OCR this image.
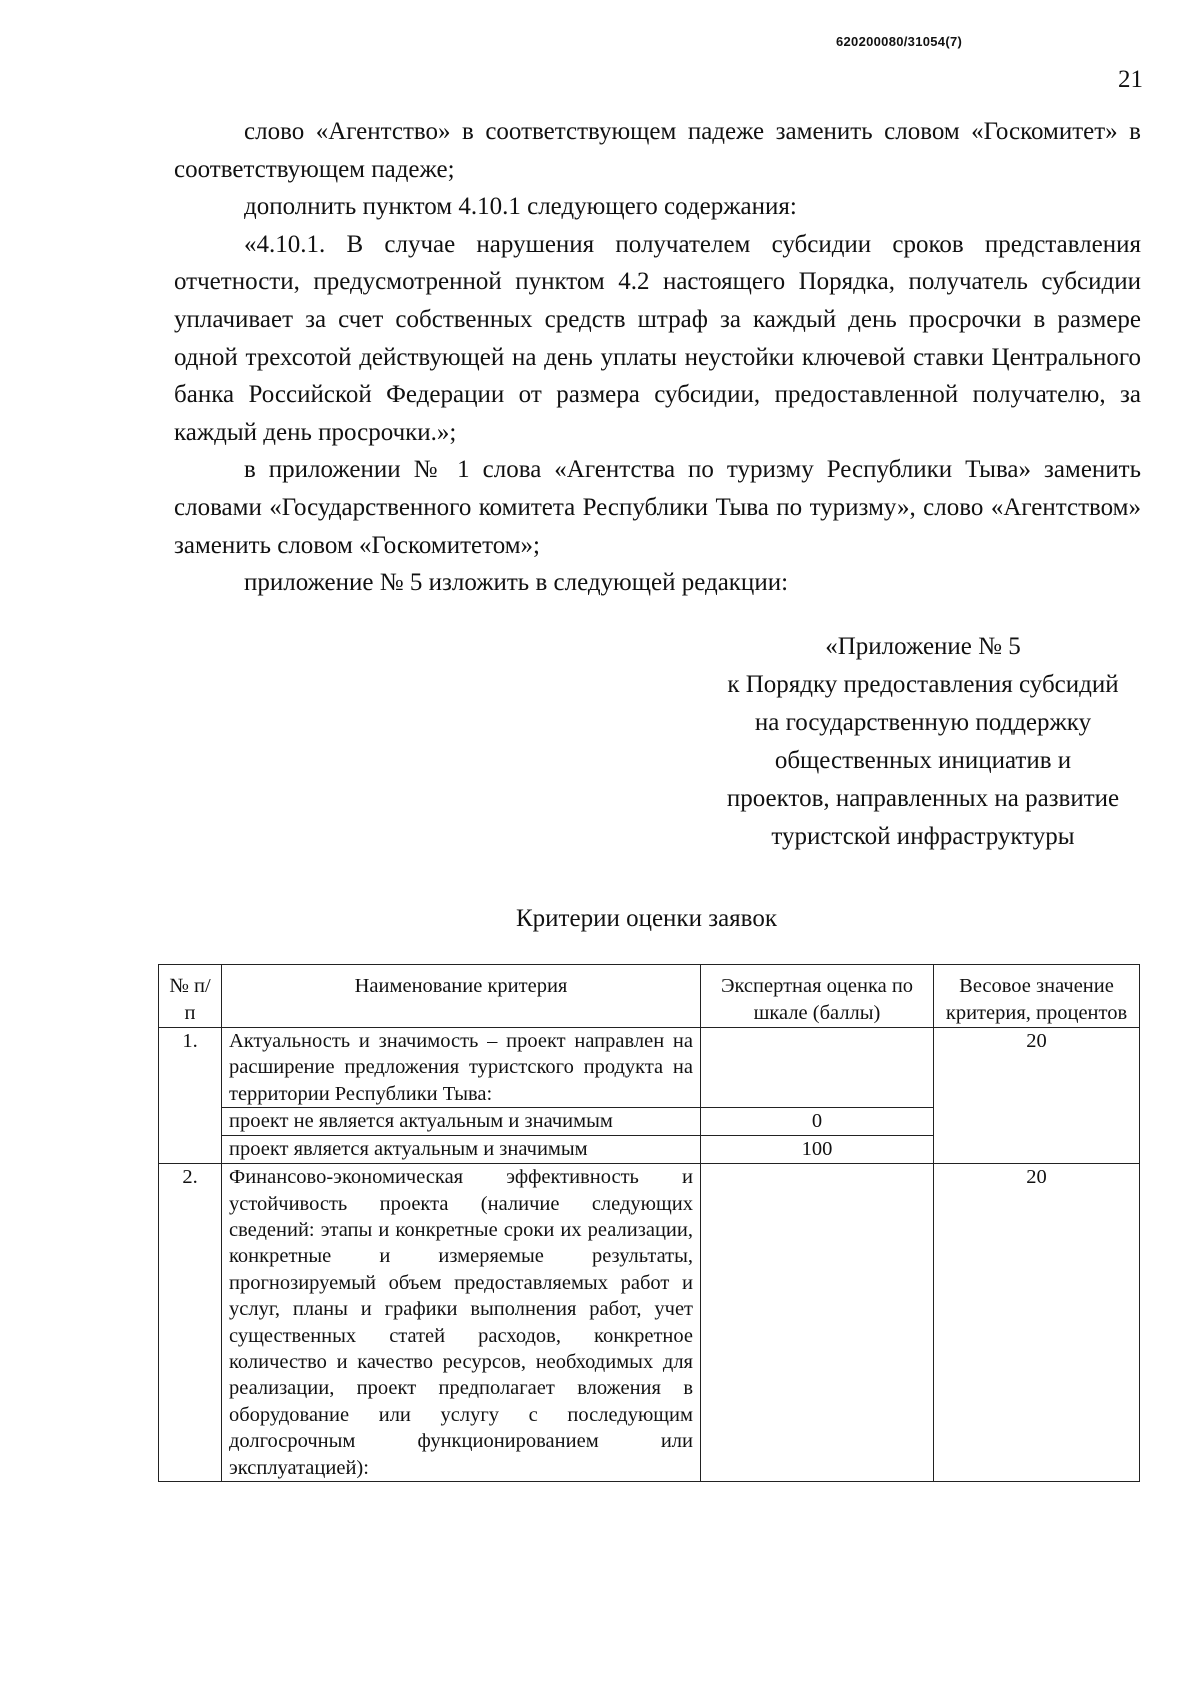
620200080/31054(7)
21

слово «Агентство» в соответствующем падеже заменить словом «Госкомитет» в соответствующем падеже;

дополнить пунктом 4.10.1 следующего содержания:

«4.10.1. В случае нарушения получателем субсидии сроков представления отчетности, предусмотренной пунктом 4.2 настоящего Порядка, получатель субсидии уплачивает за счет собственных средств штраф за каждый день просрочки в размере одной трехсотой действующей на день уплаты неустойки ключевой ставки Центрального банка Российской Федерации от размера субсидии, предоставленной получателю, за каждый день просрочки.»;

в приложении № 1 слова «Агентства по туризму Республики Тыва» заменить словами «Государственного комитета Республики Тыва по туризму», слово «Агентством» заменить словом «Госкомитетом»;

приложение № 5 изложить в следующей редакции:

«Приложение № 5
к Порядку предоставления субсидий
на государственную поддержку
общественных инициатив и
проектов, направленных на развитие
туристской инфраструктуры
Критерии оценки заявок
№ п/п	Наименование критерия	Экспертная оценка по шкале (баллы)	Весовое значение критерия, процентов
1.	Актуальность и значимость – проект направлен на расширение предложения туристского продукта на территории Республики Тыва:		20
	проект не является актуальным и значимым	0	
	проект является актуальным и значимым	100	
2.	Финансово-экономическая эффективность и устойчивость проекта (наличие следующих сведений: этапы и конкретные сроки их реализации, конкретные и измеряемые результаты, прогнозируемый объем предоставляемых работ и услуг, планы и графики выполнения работ, учет существенных статей расходов, конкретное количество и качество ресурсов, необходимых для реализации, проект предполагает вложения в оборудование или услугу с последующим долгосрочным функционированием или эксплуатацией):		20
